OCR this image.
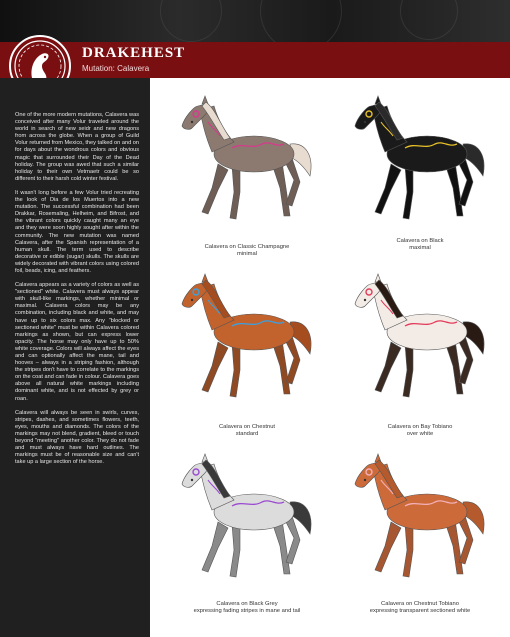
DRAKEHEST
Mutation: Calavera

One of the more modern mutations, Calavera was conceived after many Volur traveled around the world in search of new seidr and new dragons from across the globe. When a group of Guild Volur returned from Mexico, they talked on and on for days about the wondrous colors and obvious magic that surrounded their Day of the Dead holiday. The group was awed that such a similar holiday to their own Vetrnaetr could be so different to their harsh cold winter festival.

It wasn't long before a few Volur tried recreating the look of Dia de los Muertos into a new mutation. The successful combination had been Drakkar, Rosemaling, Helheim, and Bifrost, and the vibrant colors quickly caught many an eye and they were soon highly sought after within the community. The new mutation was named Calavera, after the Spanish representation of a human skull. The term used to describe decorative or edible (sugar) skulls. The skulls are widely decorated with vibrant colors using colored foil, beads, icing, and feathers.

Calavera appears as a variety of colors as well as "sectioned" white. Calavera must always appear with skull-like markings, whether minimal or maximal. Calavera colors may be any combination, including black and white, and may have up to six colors max. Any "blocked or sectioned white" must be within Calavera colored markings as shown, but can express lower opacity. The horse may only have up to 50% white coverage. Colors will always affect the eyes and can optionally affect the mane, tail and hooves – always in a striping fashion, although the stripes don't have to correlate to the markings on the coat and can fade in colour. Calavera goes above all natural white markings including dominant white, and is not effected by grey or roan.

Calavera will always be seen in swirls, curves, stripes, dashes, and sometimes flowers, teeth, eyes, mouths and diamonds. The colors of the markings may not blend, gradient, bleed or touch beyond "meeting" another color. They do not fade and must always have hard outlines. The markings must be of reasonable size and can't take up a large section of the horse.

Calavera on Classic Champagne
minimal
Calavera on Black
maximal
Calavera on Chestnut
standard
Calavera on Bay Tobiano
over white
Calavera on Black Grey
expressing fading stripes in mane and tail
Calavera on Chestnut Tobiano
expressing transparent sectioned white
